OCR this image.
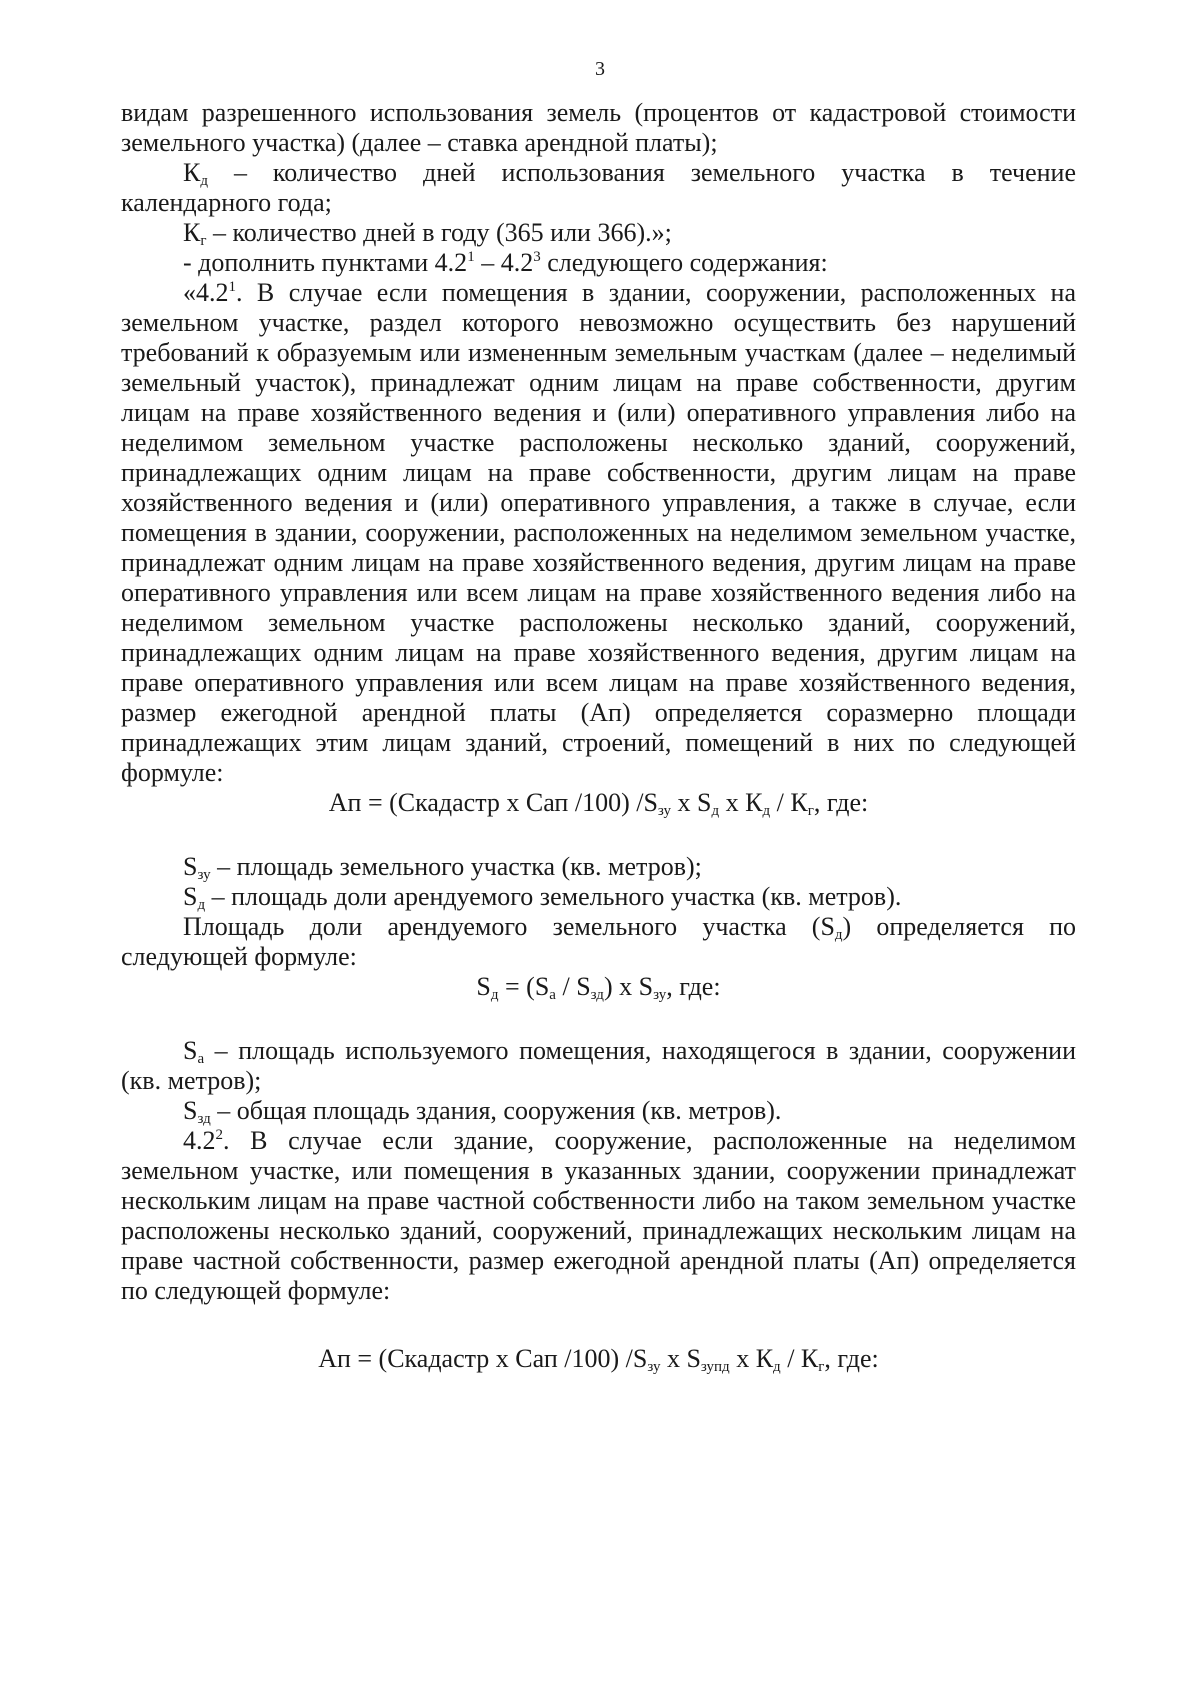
3

видам разрешенного использования земель (процентов от кадастровой стоимости земельного участка) (далее – ставка арендной платы);

$К_д$ – количество дней использования земельного участка в течение календарного года;

$К_г$ – количество дней в году (365 или 366).»;

- дополнить пунктами $4.2^1 - 4.2^3$ следующего содержания:

«$4.2^1$. В случае если помещения в здании, сооружении, расположенных на земельном участке, раздел которого невозможно осуществить без нарушений требований к образуемым или измененным земельным участкам (далее – неделимый земельный участок), принадлежат одним лицам на праве собственности, другим лицам на праве хозяйственного ведения и (или) оперативного управления либо на неделимом земельном участке расположены несколько зданий, сооружений, принадлежащих одним лицам на праве собственности, другим лицам на праве хозяйственного ведения и (или) оперативного управления, а также в случае, если помещения в здании, сооружении, расположенных на неделимом земельном участке, принадлежат одним лицам на праве хозяйственного ведения, другим лицам на праве оперативного управления или всем лицам на праве хозяйственного ведения либо на неделимом земельном участке расположены несколько зданий, сооружений, принадлежащих одним лицам на праве хозяйственного ведения, другим лицам на праве оперативного управления или всем лицам на праве хозяйственного ведения, размер ежегодной арендной платы (Ап) определяется соразмерно площади принадлежащих этим лицам зданий, строений, помещений в них по следующей формуле:

Ап = (Скадастр х Сап /100) $/S_{зу}$ х $S_д$ х $К_д / К_г$, где:

$S_{зу}$ – площадь земельного участка (кв. метров);

$S_д$ – площадь доли арендуемого земельного участка (кв. метров).

Площадь доли арендуемого земельного участка $(S_д)$ определяется по следующей формуле:

$S_д = (S_а / S_{зд})$ х $S_{зу}$, где:

$S_а$ – площадь используемого помещения, находящегося в здании, сооружении (кв. метров);

$S_{зд}$ – общая площадь здания, сооружения (кв. метров).

$4.2^2$. В случае если здание, сооружение, расположенные на неделимом земельном участке, или помещения в указанных здании, сооружении принадлежат нескольким лицам на праве частной собственности либо на таком земельном участке расположены несколько зданий, сооружений, принадлежащих нескольким лицам на праве частной собственности, размер ежегодной арендной платы (Ап) определяется по следующей формуле:

Ап = (Скадастр х Сап /100) $/S_{зу}$ х $S_{зупд}$ х $К_д / К_г$, где:
